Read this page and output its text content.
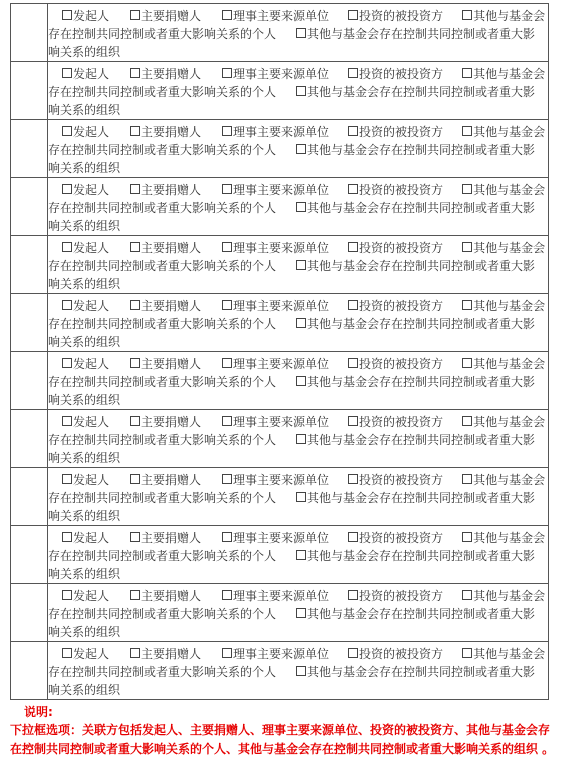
	发起人 主要捐赠人 理事主要来源单位 投资的被投资方 其他与基金会
存在控制共同控制或者重大影响关系的个人 其他与基金会存在控制共同控制或者重大影
响关系的组织

	发起人 主要捐赠人 理事主要来源单位 投资的被投资方 其他与基金会
存在控制共同控制或者重大影响关系的个人 其他与基金会存在控制共同控制或者重大影
响关系的组织

	发起人 主要捐赠人 理事主要来源单位 投资的被投资方 其他与基金会
存在控制共同控制或者重大影响关系的个人 其他与基金会存在控制共同控制或者重大影
响关系的组织

	发起人 主要捐赠人 理事主要来源单位 投资的被投资方 其他与基金会
存在控制共同控制或者重大影响关系的个人 其他与基金会存在控制共同控制或者重大影
响关系的组织

	发起人 主要捐赠人 理事主要来源单位 投资的被投资方 其他与基金会
存在控制共同控制或者重大影响关系的个人 其他与基金会存在控制共同控制或者重大影
响关系的组织

	发起人 主要捐赠人 理事主要来源单位 投资的被投资方 其他与基金会
存在控制共同控制或者重大影响关系的个人 其他与基金会存在控制共同控制或者重大影
响关系的组织

	发起人 主要捐赠人 理事主要来源单位 投资的被投资方 其他与基金会
存在控制共同控制或者重大影响关系的个人 其他与基金会存在控制共同控制或者重大影
响关系的组织

	发起人 主要捐赠人 理事主要来源单位 投资的被投资方 其他与基金会
存在控制共同控制或者重大影响关系的个人 其他与基金会存在控制共同控制或者重大影
响关系的组织

	发起人 主要捐赠人 理事主要来源单位 投资的被投资方 其他与基金会
存在控制共同控制或者重大影响关系的个人 其他与基金会存在控制共同控制或者重大影
响关系的组织

	发起人 主要捐赠人 理事主要来源单位 投资的被投资方 其他与基金会
存在控制共同控制或者重大影响关系的个人 其他与基金会存在控制共同控制或者重大影
响关系的组织

	发起人 主要捐赠人 理事主要来源单位 投资的被投资方 其他与基金会
存在控制共同控制或者重大影响关系的个人 其他与基金会存在控制共同控制或者重大影
响关系的组织

	发起人 主要捐赠人 理事主要来源单位 投资的被投资方 其他与基金会
存在控制共同控制或者重大影响关系的个人 其他与基金会存在控制共同控制或者重大影
响关系的组织
说明:
下拉框选项：关联方包括发起人、主要捐赠人、理事主要来源单位、投资的被投资方、其他与基金会存在控制共同控制或者重大影响关系的个人、其他与基金会存在控制共同控制或者重大影响关系的组织 。
